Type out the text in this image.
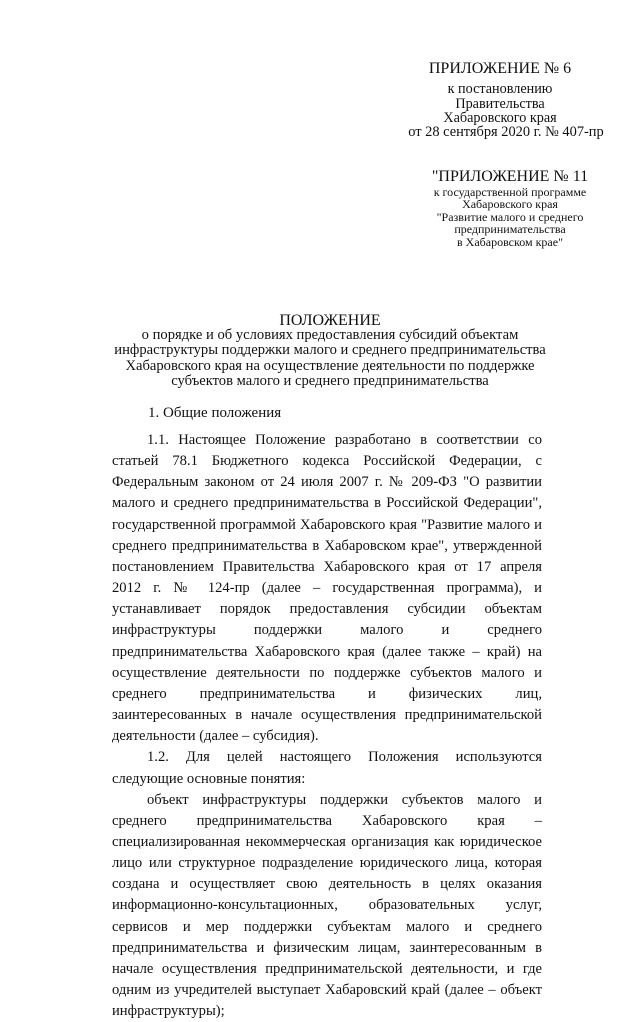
ПРИЛОЖЕНИЕ № 6
к постановлению
Правительства
Хабаровского края
от 28 сентября 2020 г. № 407-пр
"ПРИЛОЖЕНИЕ № 11
к государственной программе
Хабаровского края
"Развитие малого и среднего
предпринимательства
в Хабаровском крае"
ПОЛОЖЕНИЕ
о порядке и об условиях предоставления субсидий объектам инфраструктуры поддержки малого и среднего предпринимательства Хабаровского края на осуществление деятельности по поддержке субъектов малого и среднего предпринимательства
1. Общие положения

1.1. Настоящее Положение разработано в соответствии со статьей 78.1 Бюджетного кодекса Российской Федерации, с Федеральным законом от 24 июля 2007 г. № 209-ФЗ "О развитии малого и среднего предпринимательства в Российской Федерации", государственной программой Хабаровского края "Развитие малого и среднего предпринимательства в Хабаровском крае", утвержденной постановлением Правительства Хабаровского края от 17 апреля 2012 г. № 124-пр (далее – государственная программа), и устанавливает порядок предоставления субсидии объектам инфраструктуры поддержки малого и среднего предпринимательства Хабаровского края (далее также – край) на осуществление деятельности по поддержке субъектов малого и среднего предпринимательства и физических лиц, заинтересованных в начале осуществления предпринимательской деятельности (далее – субсидия).

1.2. Для целей настоящего Положения используются следующие основные понятия:

объект инфраструктуры поддержки субъектов малого и среднего предпринимательства Хабаровского края – специализированная некоммерческая организация как юридическое лицо или структурное подразделение юридического лица, которая создана и осуществляет свою деятельность в целях оказания информационно-консультационных, образовательных услуг, сервисов и мер поддержки субъектам малого и среднего предпринимательства и физическим лицам, заинтересованным в начале осуществления предпринимательской деятельности, и где одним из учредителей выступает Хабаровский край (далее – объект инфраструктуры);
